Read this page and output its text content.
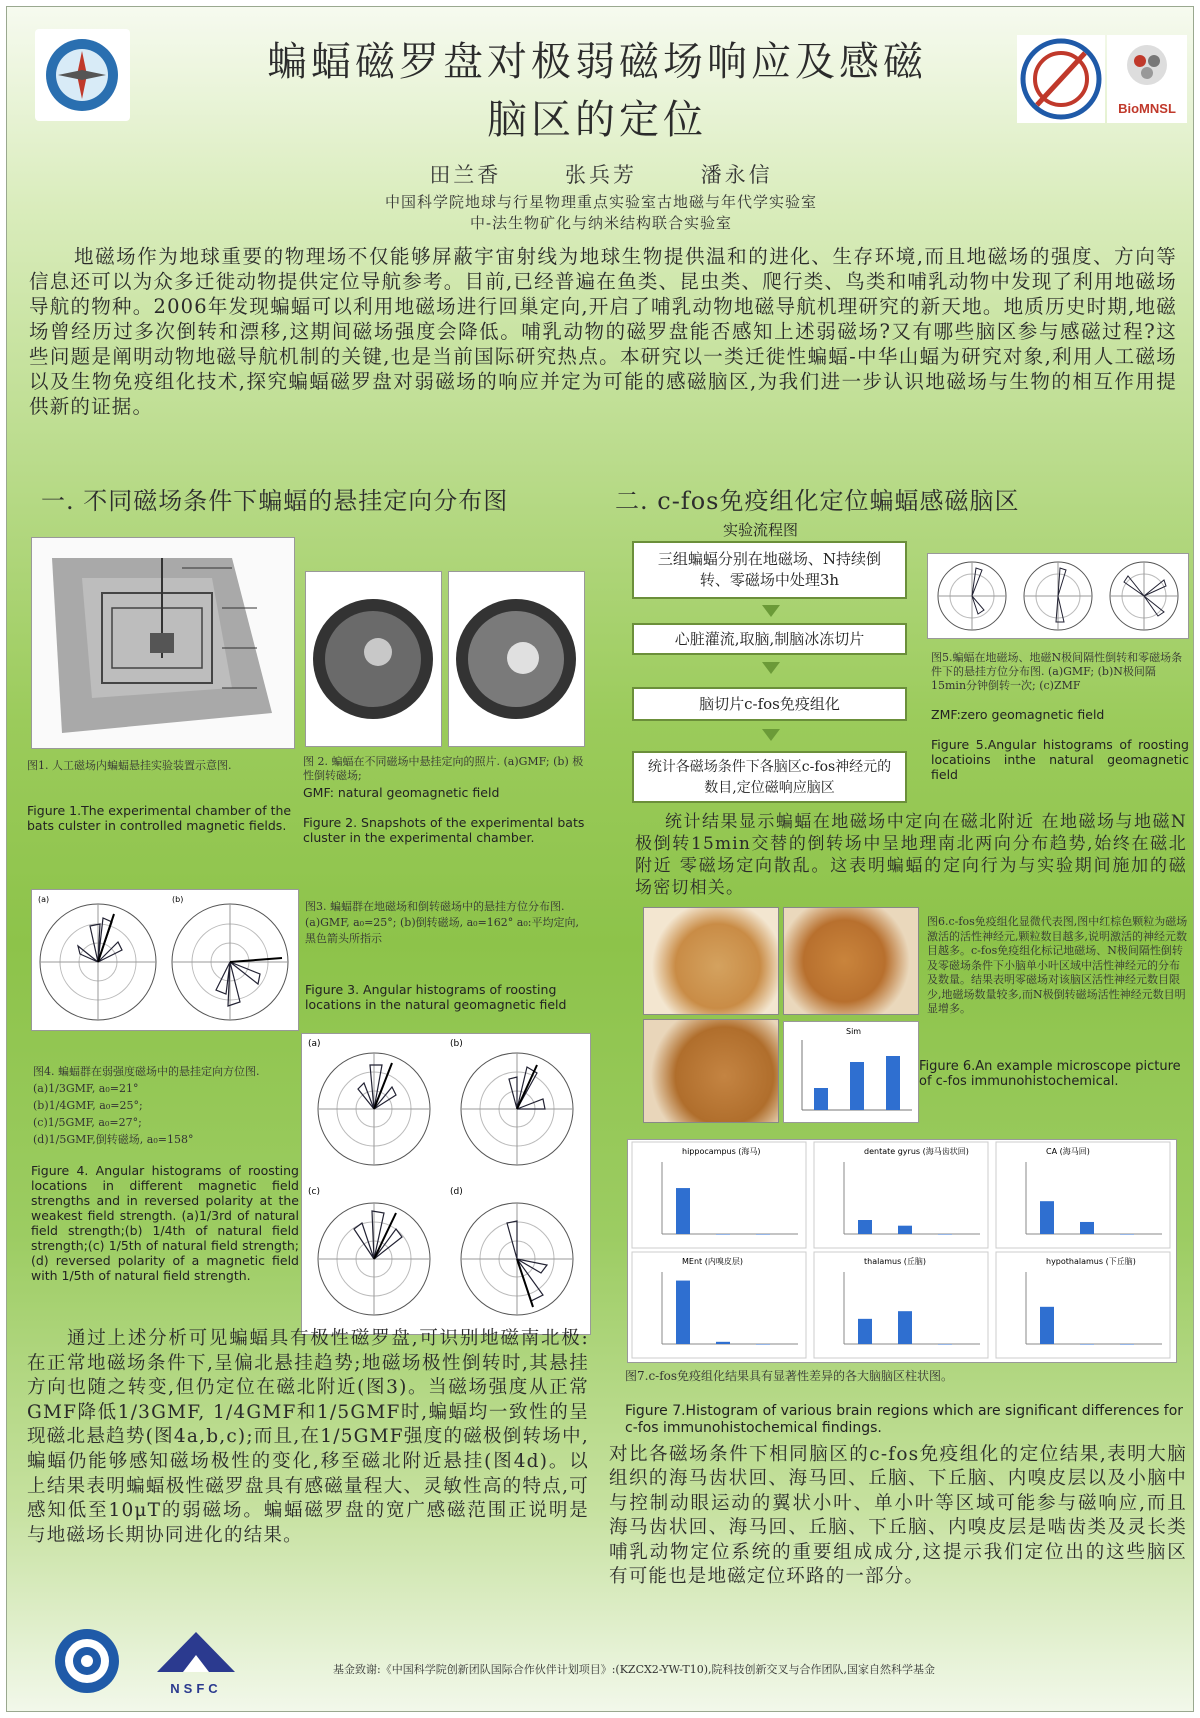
蝙蝠磁罗盘对极弱磁场响应及感磁
脑区的定位	BioMNSL
田兰香	张兵芳	潘永信
中国科学院地球与行星物理重点实验室古地磁与年代学实验室
中-法生物矿化与纳米结构联合实验室
地磁场作为地球重要的物理场不仅能够屏蔽宇宙射线为地球生物提供温和的进化、生存环境,而且地磁场的强度、方向等信息还可以为众多迁徙动物提供定位导航参考。目前,已经普遍在鱼类、昆虫类、爬行类、鸟类和哺乳动物中发现了利用地磁场导航的物种。2006年发现蝙蝠可以利用地磁场进行回巢定向,开启了哺乳动物地磁导航机理研究的新天地。地质历史时期,地磁场曾经历过多次倒转和漂移,这期间磁场强度会降低。哺乳动物的磁罗盘能否感知上述弱磁场?又有哪些脑区参与感磁过程?这些问题是阐明动物地磁导航机制的关键,也是当前国际研究热点。本研究以一类迁徙性蝙蝠-中华山蝠为研究对象,利用人工磁场以及生物免疫组化技术,探究蝙蝠磁罗盘对弱磁场的响应并定为可能的感磁脑区,为我们进一步认识地磁场与生物的相互作用提供新的证据。
一. 不同磁场条件下蝙蝠的悬挂定向分布图	二. c-fos免疫组化定位蝙蝠感磁脑区
图1. 人工磁场内蝙蝠悬挂实验装置示意图.
Figure 1.The experimental chamber of the bats culster in controlled magnetic fields.
图 2. 蝙蝠在不同磁场中悬挂定向的照片. (a)GMF; (b) 极性倒转磁场;
GMF: natural geomagnetic field
Figure 2. Snapshots of the experimental bats cluster in the experimental chamber.
(a)	(b)
图3. 蝙蝠群在地磁场和倒转磁场中的悬挂方位分布图. (a)GMF, a₀=25°; (b)倒转磁场, a₀=162° a₀:平均定向,黑色箭头所指示
Figure 3. Angular histograms of roosting locations in the natural geomagnetic field
图4. 蝙蝠群在弱强度磁场中的悬挂定向方位图. (a)1/3GMF, a₀=21°
(b)1/4GMF, a₀=25°;
(c)1/5GMF, a₀=27°;
(d)1/5GMF,倒转磁场, a₀=158°
Figure 4. Angular histograms of roosting locations in different magnetic field strengths and in reversed polarity at the weakest field strength. (a)1/3rd of natural field strength;(b) 1/4th of natural field strength;(c) 1/5th of natural field strength;(d) reversed polarity of a magnetic field with 1/5th of natural field strength.
(a)	(b)
(c)	(d)
通过上述分析可见蝙蝠具有极性磁罗盘,可识别地磁南北极:在正常地磁场条件下,呈偏北悬挂趋势;地磁场极性倒转时,其悬挂方向也随之转变,但仍定位在磁北附近(图3)。当磁场强度从正常GMF降低1/3GMF, 1/4GMF和1/5GMF时,蝙蝠均一致性的呈现磁北悬趋势(图4a,b,c);而且,在1/5GMF强度的磁极倒转场中,蝙蝠仍能够感知磁场极性的变化,移至磁北附近悬挂(图4d)。以上结果表明蝙蝠极性磁罗盘具有感磁量程大、灵敏性高的特点,可感知低至10μT的弱磁场。蝙蝠磁罗盘的宽广感磁范围正说明是与地磁场长期协同进化的结果。
实验流程图
三组蝙蝠分别在地磁场、N持续倒转、零磁场中处理3h
心脏灌流,取脑,制脑冰冻切片
脑切片c-fos免疫组化
统计各磁场条件下各脑区c-fos神经元的数目,定位磁响应脑区
图5.蝙蝠在地磁场、地磁N极间隔性倒转和零磁场条件下的悬挂方位分布图. (a)GMF; (b)N极间隔15min分钟倒转一次; (c)ZMF
ZMF:zero geomagnetic field
Figure 5.Angular histograms of roosting locatioins inthe natural geomagnetic field
统计结果显示蝙蝠在地磁场中定向在磁北附近 在地磁场与地磁N极倒转15min交替的倒转场中呈地理南北两向分布趋势,始终在磁北附近 零磁场定向散乱。这表明蝙蝠的定向行为与实验期间施加的磁场密切相关。
Sim
图6.c-fos免疫组化显微代表图,图中红棕色颗粒为磁场激活的活性神经元,颗粒数目越多,说明激活的神经元数目越多。c-fos免疫组化标记地磁场、N极间隔性倒转及零磁场条件下小脑单小叶区域中活性神经元的分布及数量。结果表明零磁场对该脑区活性神经元数目限少,地磁场数量较多,而N极倒转磁场活性神经元数目明显增多。
Figure 6.An example microscope picture of c-fos immunohistochemical.
hippocampus (海马)	dentate gyrus (海马齿状回)	CA (海马回)
MEnt (内嗅皮层)	thalamus (丘脑)	hypothalamus (下丘脑)
图7.c-fos免疫组化结果具有显著性差异的各大脑脑区柱状图。
Figure 7.Histogram of various brain regions which are significant differences for c-fos immunohistochemical findings.
对比各磁场条件下相同脑区的c-fos免疫组化的定位结果,表明大脑组织的海马齿状回、海马回、丘脑、下丘脑、内嗅皮层以及小脑中与控制动眼运动的翼状小叶、单小叶等区域可能参与磁响应,而且海马齿状回、海马回、丘脑、下丘脑、内嗅皮层是啮齿类及灵长类哺乳动物定位系统的重要组成成分,这提示我们定位出的这些脑区有可能也是地磁定位环路的一部分。
NSFC
基金致谢:《中国科学院创新团队国际合作伙伴计划项目》:(KZCX2-YW-T10),院科技创新交叉与合作团队,国家自然科学基金
